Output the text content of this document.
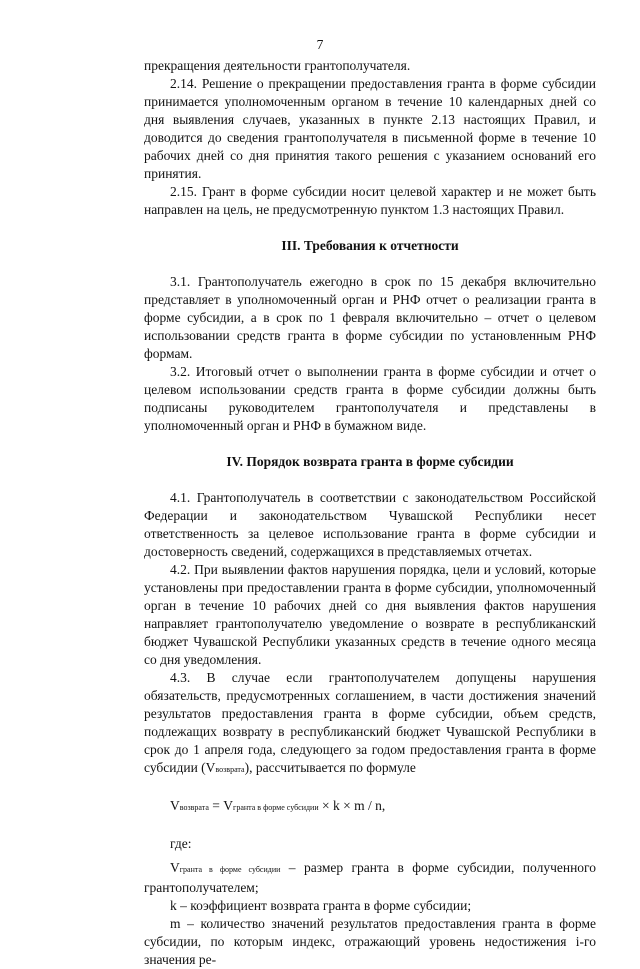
7

прекращения деятельности грантополучателя.

2.14. Решение о прекращении предоставления гранта в форме субсидии принимается уполномоченным органом в течение 10 календарных дней со дня выявления случаев, указанных в пункте 2.13 настоящих Правил, и доводится до сведения грантополучателя в письменной форме в течение 10 рабочих дней со дня принятия такого решения с указанием оснований его принятия.

2.15. Грант в форме субсидии носит целевой характер и не может быть направлен на цель, не предусмотренную пунктом 1.3 настоящих Правил.

III. Требования к отчетности

3.1. Грантополучатель ежегодно в срок по 15 декабря включительно представляет в уполномоченный орган и РНФ отчет о реализации гранта в форме субсидии, а в срок по 1 февраля включительно – отчет о целевом использовании средств гранта в форме субсидии по установленным РНФ формам.

3.2. Итоговый отчет о выполнении гранта в форме субсидии и отчет о целевом использовании средств гранта в форме субсидии должны быть подписаны руководителем грантополучателя и представлены в уполномоченный орган и РНФ в бумажном виде.

IV. Порядок возврата гранта в форме субсидии

4.1. Грантополучатель в соответствии с законодательством Российской Федерации и законодательством Чувашской Республики несет ответственность за целевое использование гранта в форме субсидии и достоверность сведений, содержащихся в представляемых отчетах.

4.2. При выявлении фактов нарушения порядка, цели и условий, которые установлены при предоставлении гранта в форме субсидии, уполномоченный орган в течение 10 рабочих дней со дня выявления фактов нарушения направляет грантополучателю уведомление о возврате в республиканский бюджет Чувашской Республики указанных средств в течение одного месяца со дня уведомления.

4.3. В случае если грантополучателем допущены нарушения обязательств, предусмотренных соглашением, в части достижения значений результатов предоставления гранта в форме субсидии, объем средств, подлежащих возврату в республиканский бюджет Чувашской Республики в срок до 1 апреля года, следующего за годом предоставления гранта в форме субсидии (Vвозврата), рассчитывается по формуле

Vвозврата = Vгранта в форме субсидии × k × m / n,

где:

Vгранта в форме субсидии – размер гранта в форме субсидии, полученного грантополучателем;

k – коэффициент возврата гранта в форме субсидии;

m – количество значений результатов предоставления гранта в форме субсидии, по которым индекс, отражающий уровень недостижения i-го значения ре-
